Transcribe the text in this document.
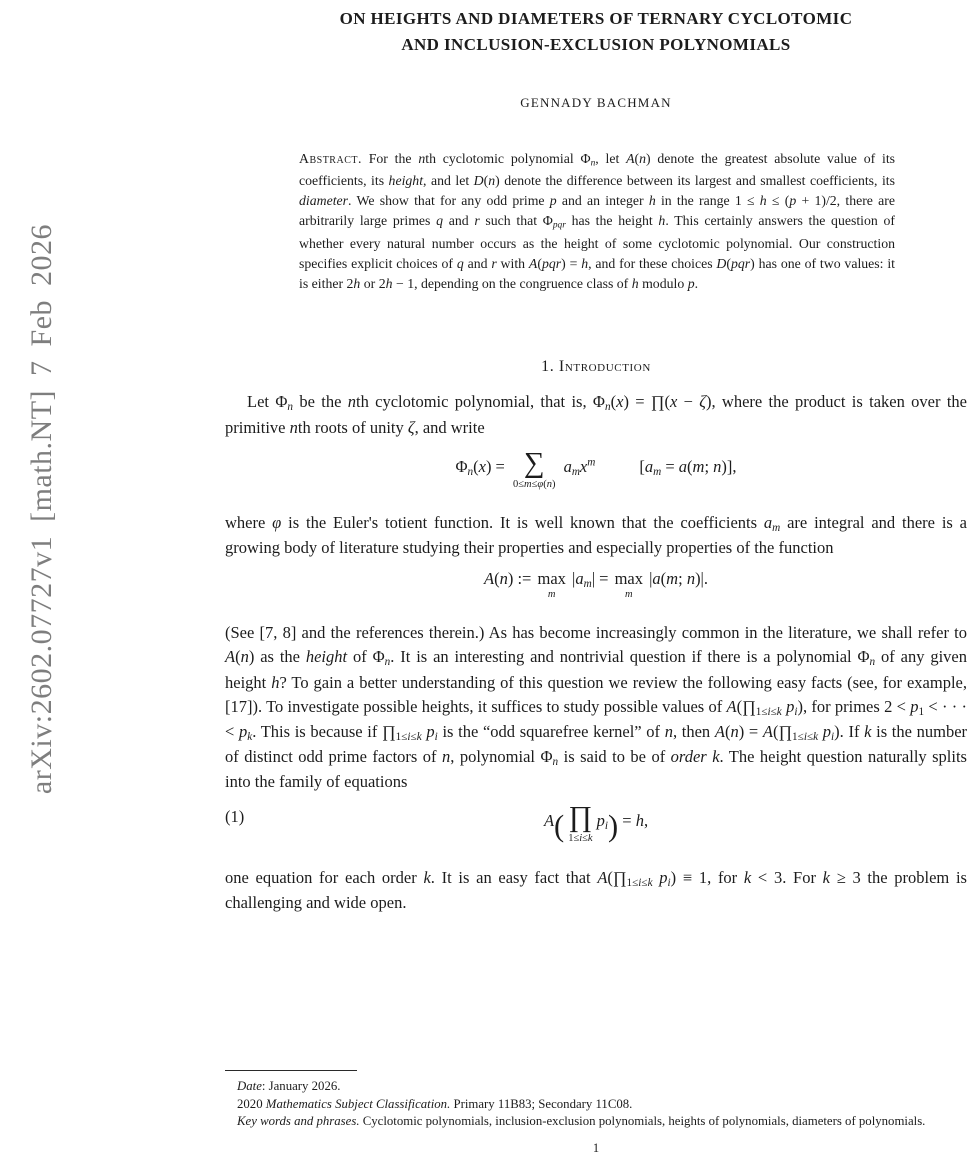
arXiv:2602.07727v1 [math.NT] 7 Feb 2026
ON HEIGHTS AND DIAMETERS OF TERNARY CYCLOTOMIC
AND INCLUSION-EXCLUSION POLYNOMIALS
GENNADY BACHMAN
Abstract. For the nth cyclotomic polynomial $\Phi_n$, let A(n) denote the greatest absolute value of its coefficients, its height, and let D(n) denote the difference between its largest and smallest coefficients, its diameter. We show that for any odd prime p and an integer h in the range 1 ≤ h ≤ (p + 1)/2, there are arbitrarily large primes q and r such that $\Phi_{pqr}$ has the height h. This certainly answers the question of whether every natural number occurs as the height of some cyclotomic polynomial. Our construction specifies explicit choices of q and r with A(pqr) = h, and for these choices D(pqr) has one of two values: it is either 2h or 2h − 1, depending on the congruence class of h modulo p.
1. Introduction

Let $\Phi_n$ be the nth cyclotomic polynomial, that is, $\Phi_n(x)$ = ∏(x − ζ), where the product is taken over the primitive nth roots of unity ζ, and write

$\Phi_n(x)$ = ∑
0≤m≤φ(n)
$a_mx^m$	[$a_m = a(m$; n)],

where φ is the Euler's totient function. It is well known that the coefficients $a_m$ are integral and there is a growing body of literature studying their properties and especially properties of the function

A(n) := max
m
$|a_m| = \max$
m
|a(m; n)|.

(See [7, 8] and the references therein.) As has become increasingly common in the literature, we shall refer to A(n) as the height of $\Phi_n$. It is an interesting and nontrivial question if there is a polynomial $\Phi_n$ of any given height h? To gain a better understanding of this question we review the following easy facts (see, for example, [17]). To investigate possible heights, it suffices to study possible values of $A(\prod_{1\le i\le k}$ $p_i$), for primes $2 < p_1$ < · · · < $p_k$. This is because if $\prod_{1\le i\le k}$ $p_i$ is the “odd squarefree kernel” of n, then $A(n) = A(\prod_{1\le i\le k}$ $p_i$). If k is the number of distinct odd prime factors of n, polynomial $\Phi_n$ is said to be of order k. The height question naturally splits into the family of equations

(1)	A( ∏
1≤i≤k
$p_i) = h$,

one equation for each order k. It is an easy fact that $A(\prod_{1\le i\le k}$ $p_i) \equiv 1$, for k < 3. For k ≥ 3 the problem is challenging and wide open.

Date: January 2026.

2020 Mathematics Subject Classification. Primary 11B83; Secondary 11C08.

Key words and phrases. Cyclotomic polynomials, inclusion-exclusion polynomials, heights of polynomials, diameters of polynomials.

1
